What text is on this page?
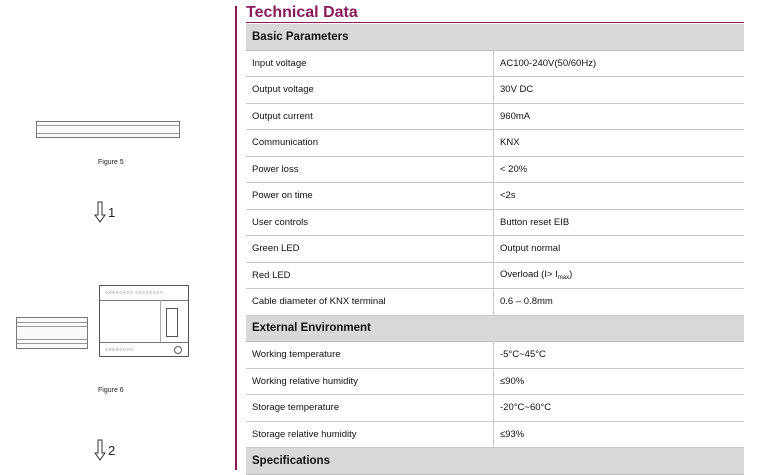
Figure 5
1
○○○○○○○○ ○○○○○○○○
○○○○○○○○
Figure 6
2
Technical Data
Basic Parameters	
Input voltage	AC100-240V(50/60Hz)
Output voltage	30V DC
Output current	960mA
Communication	KNX
Power loss	< 20%
Power on time	<2s
User controls	Button reset EIB
Green LED	Output normal
Red LED	Overload $(I> I_{max})$
Cable diameter of KNX terminal	0.6 – 0.8mm
External Environment	
Working temperature	-5°C~45°C
Working relative humidity	≤90%
Storage temperature	-20°C~60°C
Storage relative humidity	≤93%
Specifications	
